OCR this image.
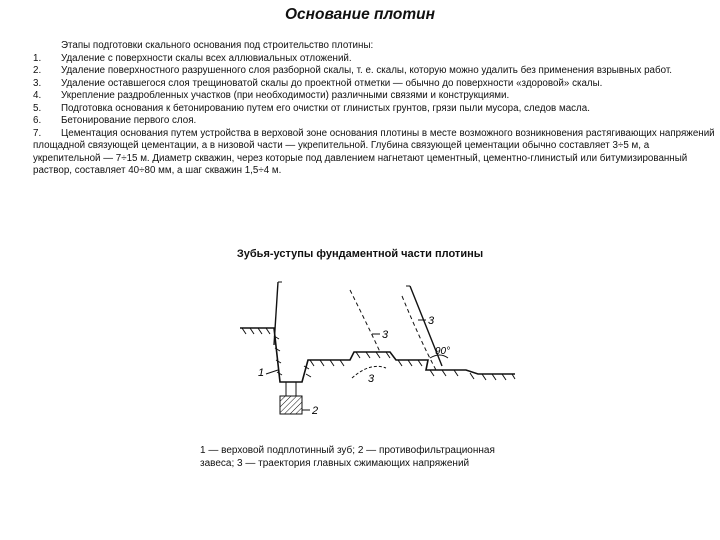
Основание плотин

Этапы подготовки скального основания под строительство плотины:

1. Удаление с поверхности скалы всех аллювиальных отложений.

2. Удаление поверхностного разрушенного слоя разборной скалы, т. е. скалы, которую можно удалить без применения взрывных работ.

3. Удаление оставшегося слоя трещиноватой скалы до проектной отметки — обычно до поверхности «здоровой» скалы.

4. Укрепление раздробленных участков (при необходимости) различными связями и конструкциями.

5. Подготовка основания к бетонированию путем его очистки от глинистых грунтов, грязи пыли мусора, следов масла.

6. Бетонирование первого слоя.

7. Цементация основания путем устройства в верховой зоне основания плотины в месте возможного возникновения растягивающих напряжений площадной связующей цементации, а в низовой части — укрепительной. Глубина связующей цементации обычно составляет 3÷5 м, а укрепительной — 7÷15 м. Диаметр скважин, через которые под давлением нагнетают цементный, цементно-глинистый или битумизированный раствор, составляет 40÷80 мм, а шаг скважин 1,5÷4 м.

Зубья-уступы фундаментной части плотины
1
2
3
3
3
90°

1 — верховой подплотинный зуб; 2 — противофильтрационная

завеса; 3 — траектория главных сжимающих напряжений
